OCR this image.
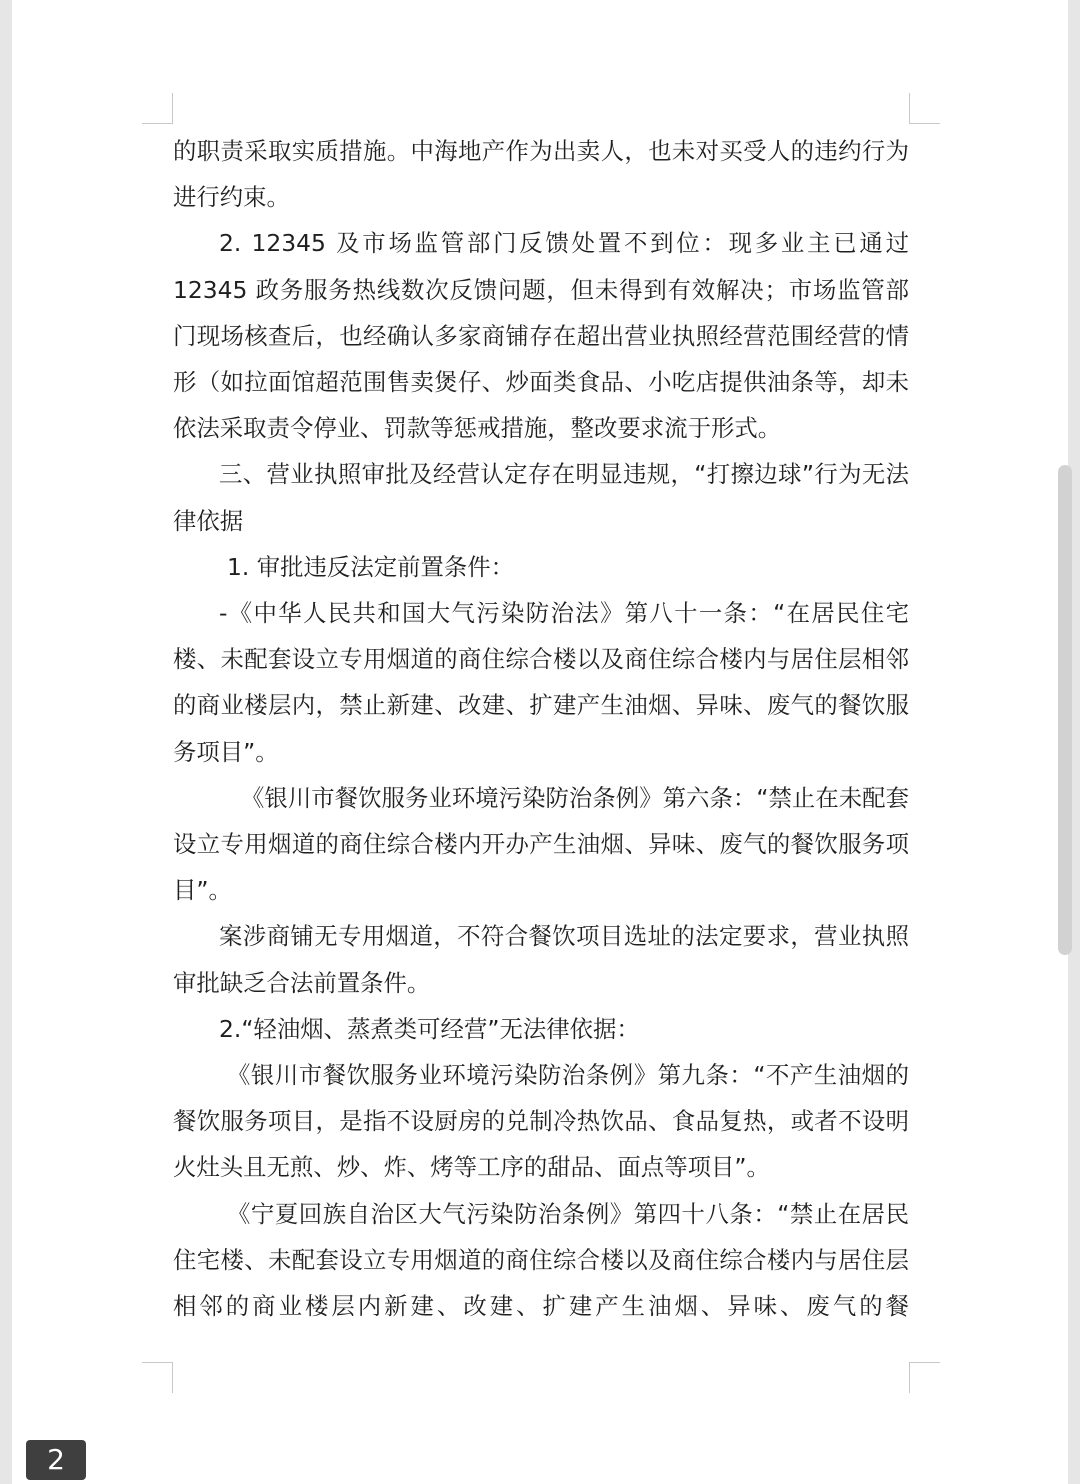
的职责采取实质措施。中海地产作为出卖人，也未对买受人的违约行为进行约束。

2. 12345 及市场监管部门反馈处置不到位：现多业主已通过 12345 政务服务热线数次反馈问题，但未得到有效解决；市场监管部门现场核查后，也经确认多家商铺存在超出营业执照经营范围经营的情形（如拉面馆超范围售卖煲仔、炒面类食品、小吃店提供油条等，却未依法采取责令停业、罚款等惩戒措施，整改要求流于形式。

三、营业执照审批及经营认定存在明显违规，“打擦边球”行为无法律依据

1. 审批违反法定前置条件：

-《中华人民共和国大气污染防治法》第八十一条：“在居民住宅楼、未配套设立专用烟道的商住综合楼以及商住综合楼内与居住层相邻的商业楼层内，禁止新建、改建、扩建产生油烟、异味、废气的餐饮服务项目”。

《银川市餐饮服务业环境污染防治条例》第六条：“禁止在未配套设立专用烟道的商住综合楼内开办产生油烟、异味、废气的餐饮服务项目”。

案涉商铺无专用烟道，不符合餐饮项目选址的法定要求，营业执照审批缺乏合法前置条件。

2.“轻油烟、蒸煮类可经营”无法律依据：

《银川市餐饮服务业环境污染防治条例》第九条：“不产生油烟的餐饮服务项目，是指不设厨房的兑制冷热饮品、食品复热，或者不设明火灶头且无煎、炒、炸、烤等工序的甜品、面点等项目”。

《宁夏回族自治区大气污染防治条例》第四十八条：“禁止在居民住宅楼、未配套设立专用烟道的商住综合楼以及商住综合楼内与居住层相邻的商业楼层内新建、改建、扩建产生油烟、异味、废气的餐

2
